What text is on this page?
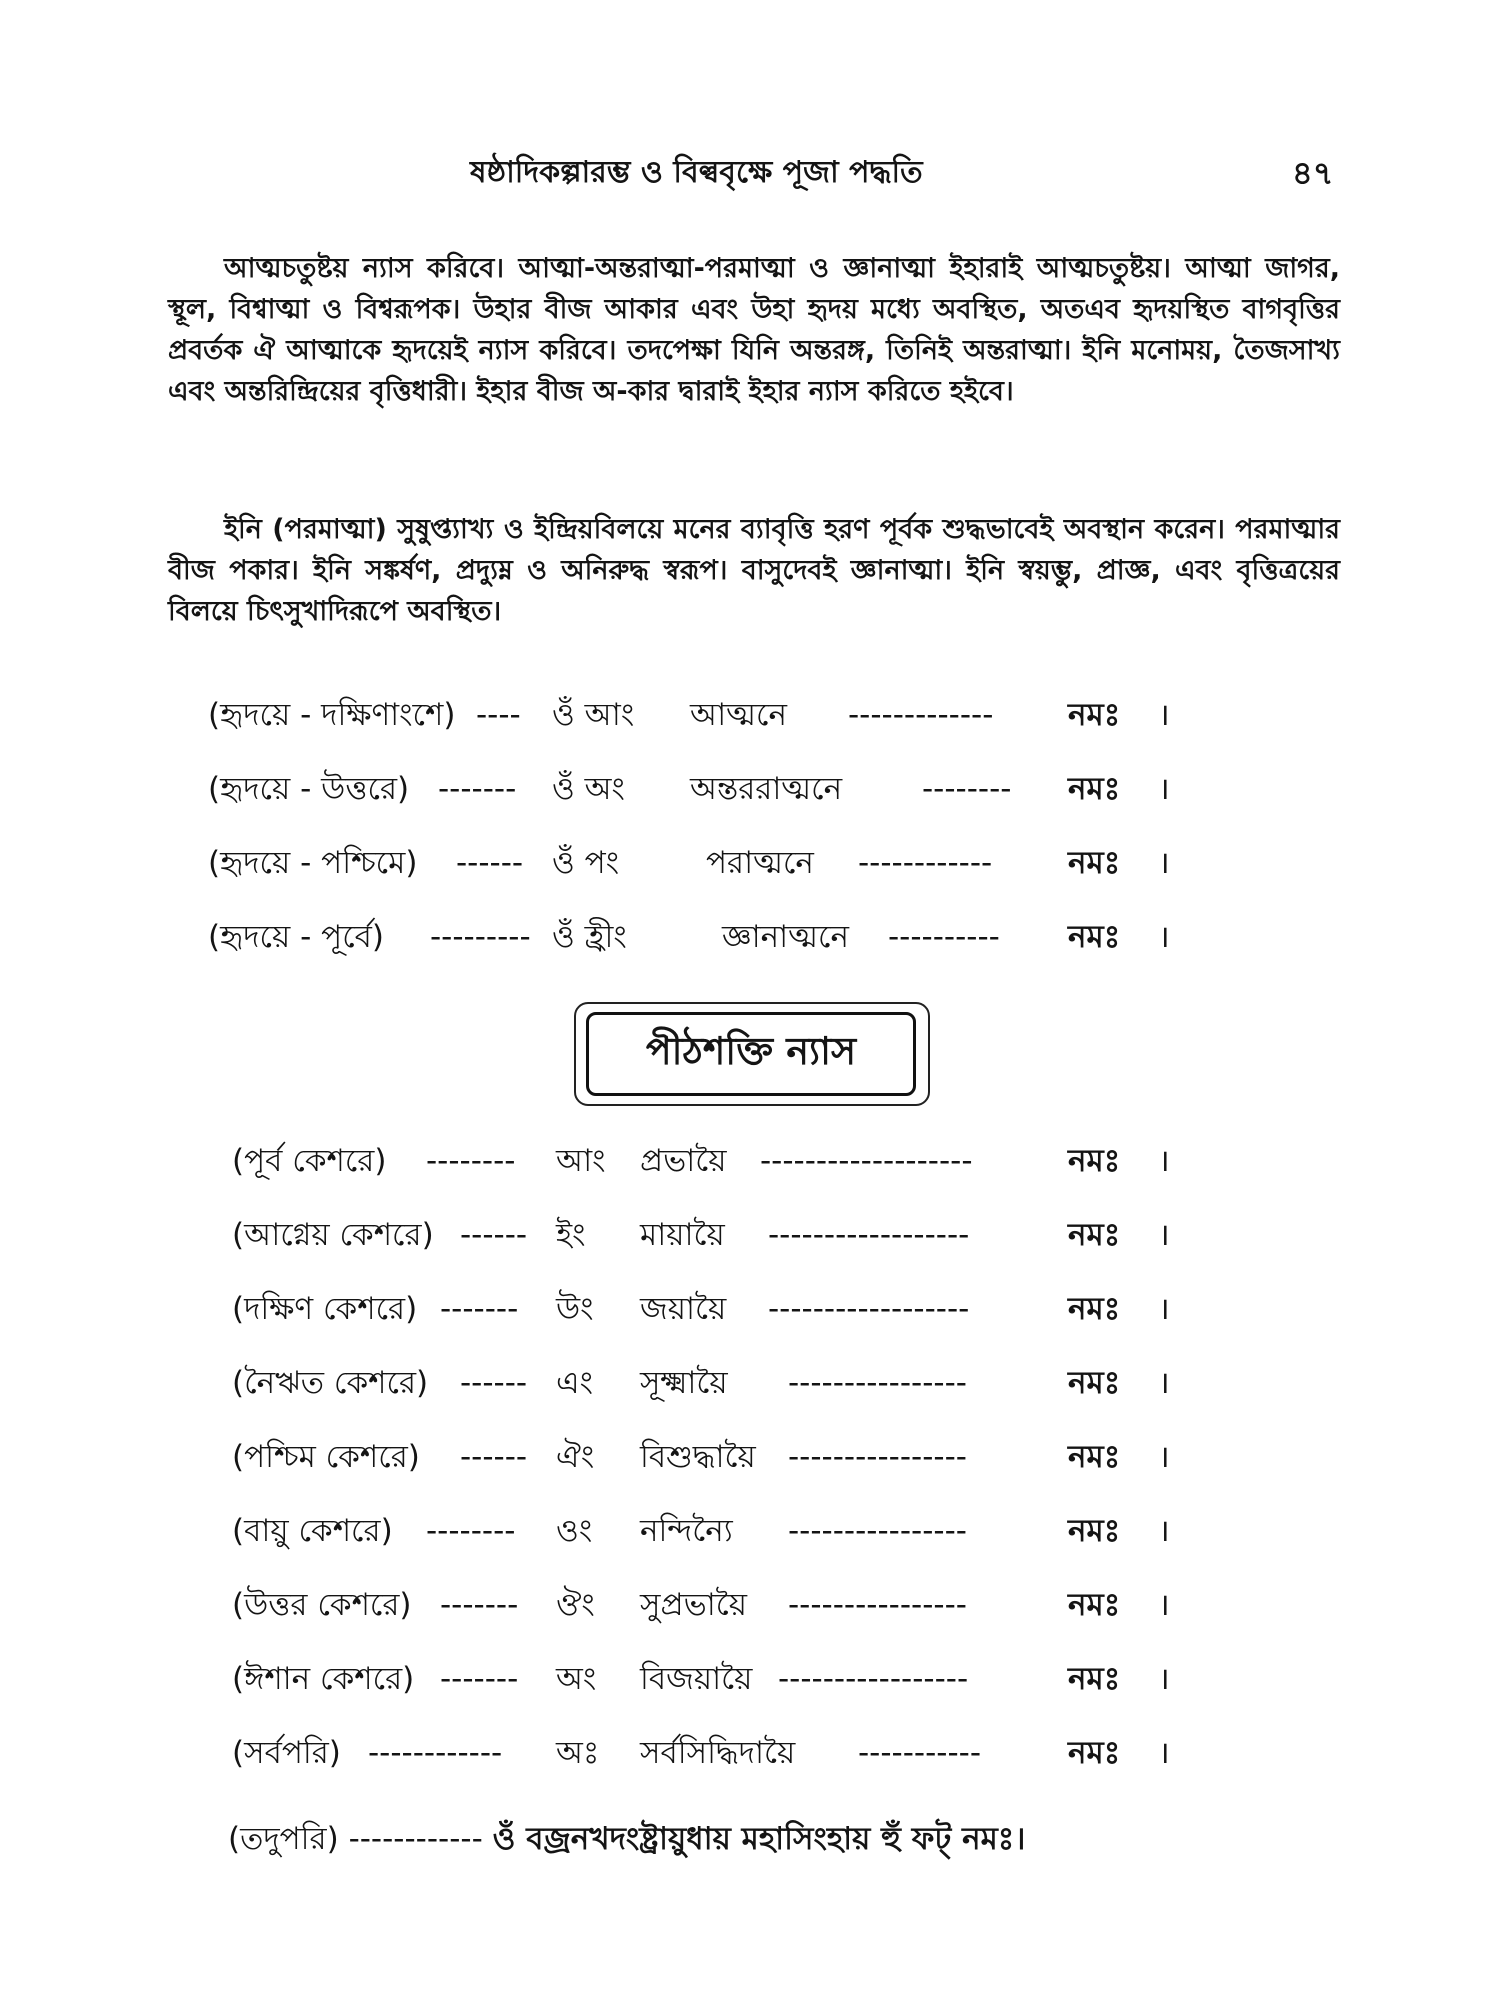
ষষ্ঠাদিকল্পারম্ভ ও বিল্ববৃক্ষে পূজা পদ্ধতি	৪৭
আত্মচতুষ্টয় ন্যাস করিবে। আত্মা-অন্তরাত্মা-পরমাত্মা ও জ্ঞানাত্মা ইহারাই আত্মচতুষ্টয়। আত্মা জাগর, স্থূল, বিশ্বাত্মা ও বিশ্বরূপক। উহার বীজ আকার এবং উহা হৃদয় মধ্যে অবস্থিত, অতএব হৃদয়স্থিত বাগবৃত্তির প্রবর্তক ঐ আত্মাকে হৃদয়েই ন্যাস করিবে। তদপেক্ষা যিনি অন্তরঙ্গ, তিনিই অন্তরাত্মা। ইনি মনোময়, তৈজসাখ্য এবং অন্তরিন্দ্রিয়ের বৃত্তিধারী। ইহার বীজ অ-কার দ্বারাই ইহার ন্যাস করিতে হইবে।
ইনি (পরমাত্মা) সুষুপ্ত্যাখ্য ও ইন্দ্রিয়বিলয়ে মনের ব্যাবৃত্তি হরণ পূর্বক শুদ্ধভাবেই অবস্থান করেন। পরমাত্মার বীজ পকার। ইনি সঙ্কর্ষণ, প্রদ্যুম্ন ও অনিরুদ্ধ স্বরূপ। বাসুদেবই জ্ঞানাত্মা। ইনি স্বয়ম্ভু, প্রাজ্ঞ, এবং বৃত্তিত্রয়ের বিলয়ে চিৎসুখাদিরূপে অবস্থিত।
(হৃদয়ে - দক্ষিণাংশে) ---- ওঁ আং আত্মনে ------------- নমঃ ।
(হৃদয়ে - উত্তরে) ------- ওঁ অং অন্তররাত্মনে	-------- নমঃ ।
(হৃদয়ে - পশ্চিমে) ------ ওঁ পং	পরাত্মনে ------------ নমঃ ।
(হৃদয়ে - পূর্বে) --------- ওঁ হ্রীং	জ্ঞানাত্মনে ---------- নমঃ ।
পীঠশক্তি ন্যাস
(পূর্ব কেশরে) -------- আং প্রভায়ৈ -------------------	নমঃ ।
(আগ্নেয় কেশরে) ------ ইং মায়ায়ৈ ------------------	নমঃ ।
(দক্ষিণ কেশরে) ------- উং জয়ায়ৈ ------------------	নমঃ ।
(নৈঋত কেশরে) ------ এং সূক্ষ্মায়ৈ ----------------	নমঃ ।
(পশ্চিম কেশরে) ------ ঐং বিশুদ্ধায়ৈ ----------------	নমঃ ।
(বায়ু কেশরে) -------- ওং নন্দিন্যৈ ----------------	নমঃ ।
(উত্তর কেশরে) ------- ঔং সুপ্রভায়ৈ ----------------	নমঃ ।
(ঈশান কেশরে) ------- অং বিজয়ায়ৈ -----------------	নমঃ ।
(সর্বপরি) ------------ অঃ সর্বসিদ্ধিদায়ৈ -----------	নমঃ ।
(তদুপরি) ------------ ওঁ বজ্রনখদংষ্ট্রায়ুধায় মহাসিংহায় হুঁ ফট্ নমঃ।
